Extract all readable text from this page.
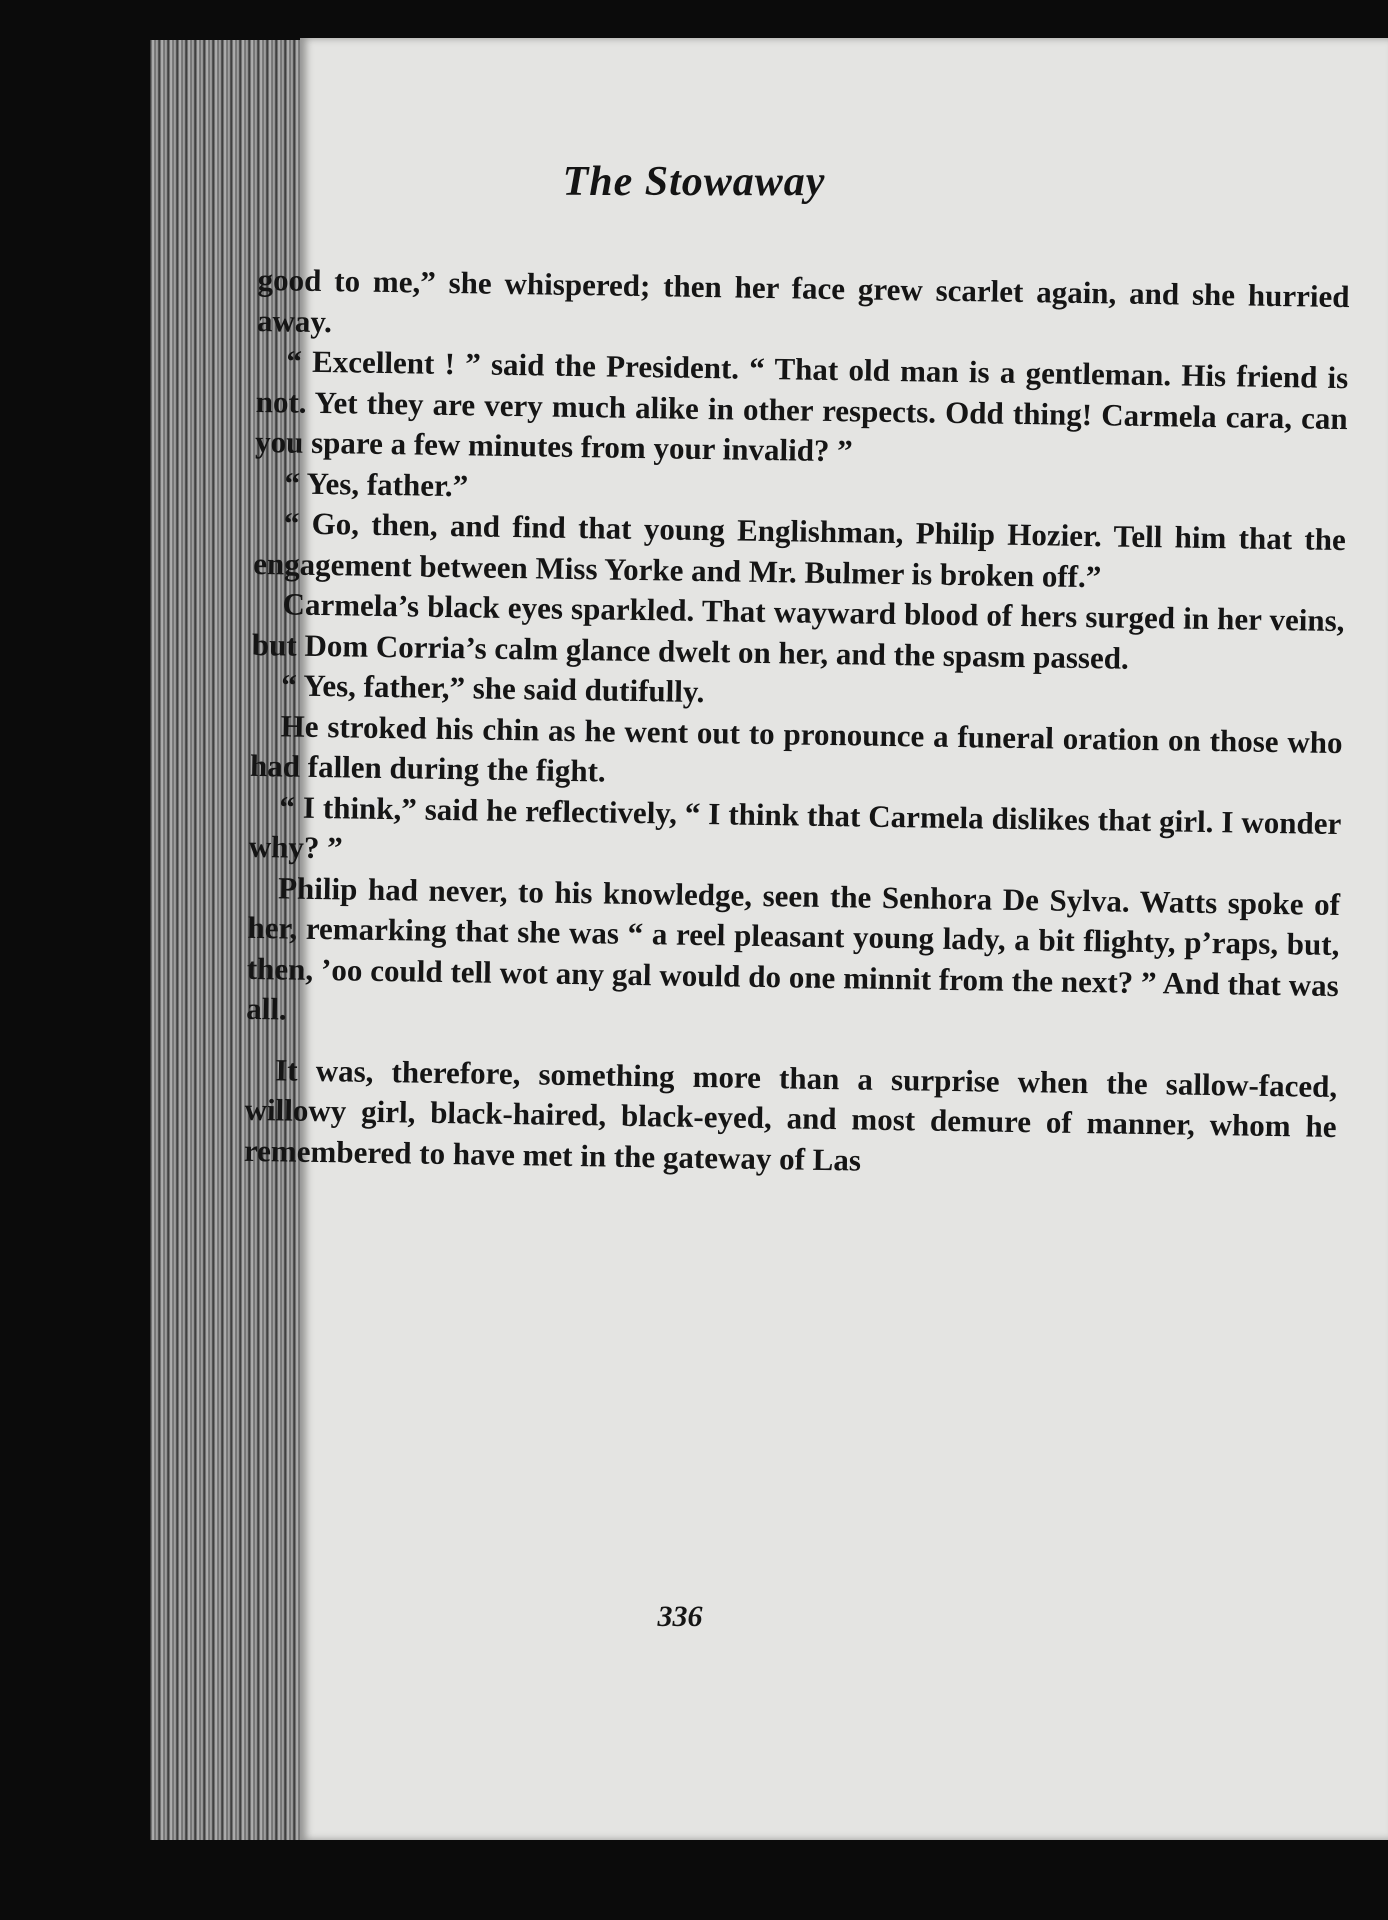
The Stowaway

good to me,” she whispered; then her face grew scarlet again, and she hurried away.

“ Excellent ! ” said the President. “ That old man is a gentleman. His friend is not. Yet they are very much alike in other respects. Odd thing! Carmela cara, can you spare a few minutes from your invalid? ”

“ Yes, father.”

“ Go, then, and find that young Englishman, Philip Hozier. Tell him that the engagement between Miss Yorke and Mr. Bulmer is broken off.”

Carmela’s black eyes sparkled. That wayward blood of hers surged in her veins, but Dom Corria’s calm glance dwelt on her, and the spasm passed.

“ Yes, father,” she said dutifully.

He stroked his chin as he went out to pronounce a funeral oration on those who had fallen during the fight.

“ I think,” said he reflectively, “ I think that Carmela dislikes that girl. I wonder why? ”

Philip had never, to his knowledge, seen the Senhora De Sylva. Watts spoke of her, remarking that she was “ a reel pleasant young lady, a bit flighty, p’raps, but, then, ’oo could tell wot any gal would do one minnit from the next? ” And that was all.

It was, therefore, something more than a surprise when the sallow-faced, willowy girl, black-haired, black-eyed, and most demure of manner, whom he remembered to have met in the gateway of Las

336
